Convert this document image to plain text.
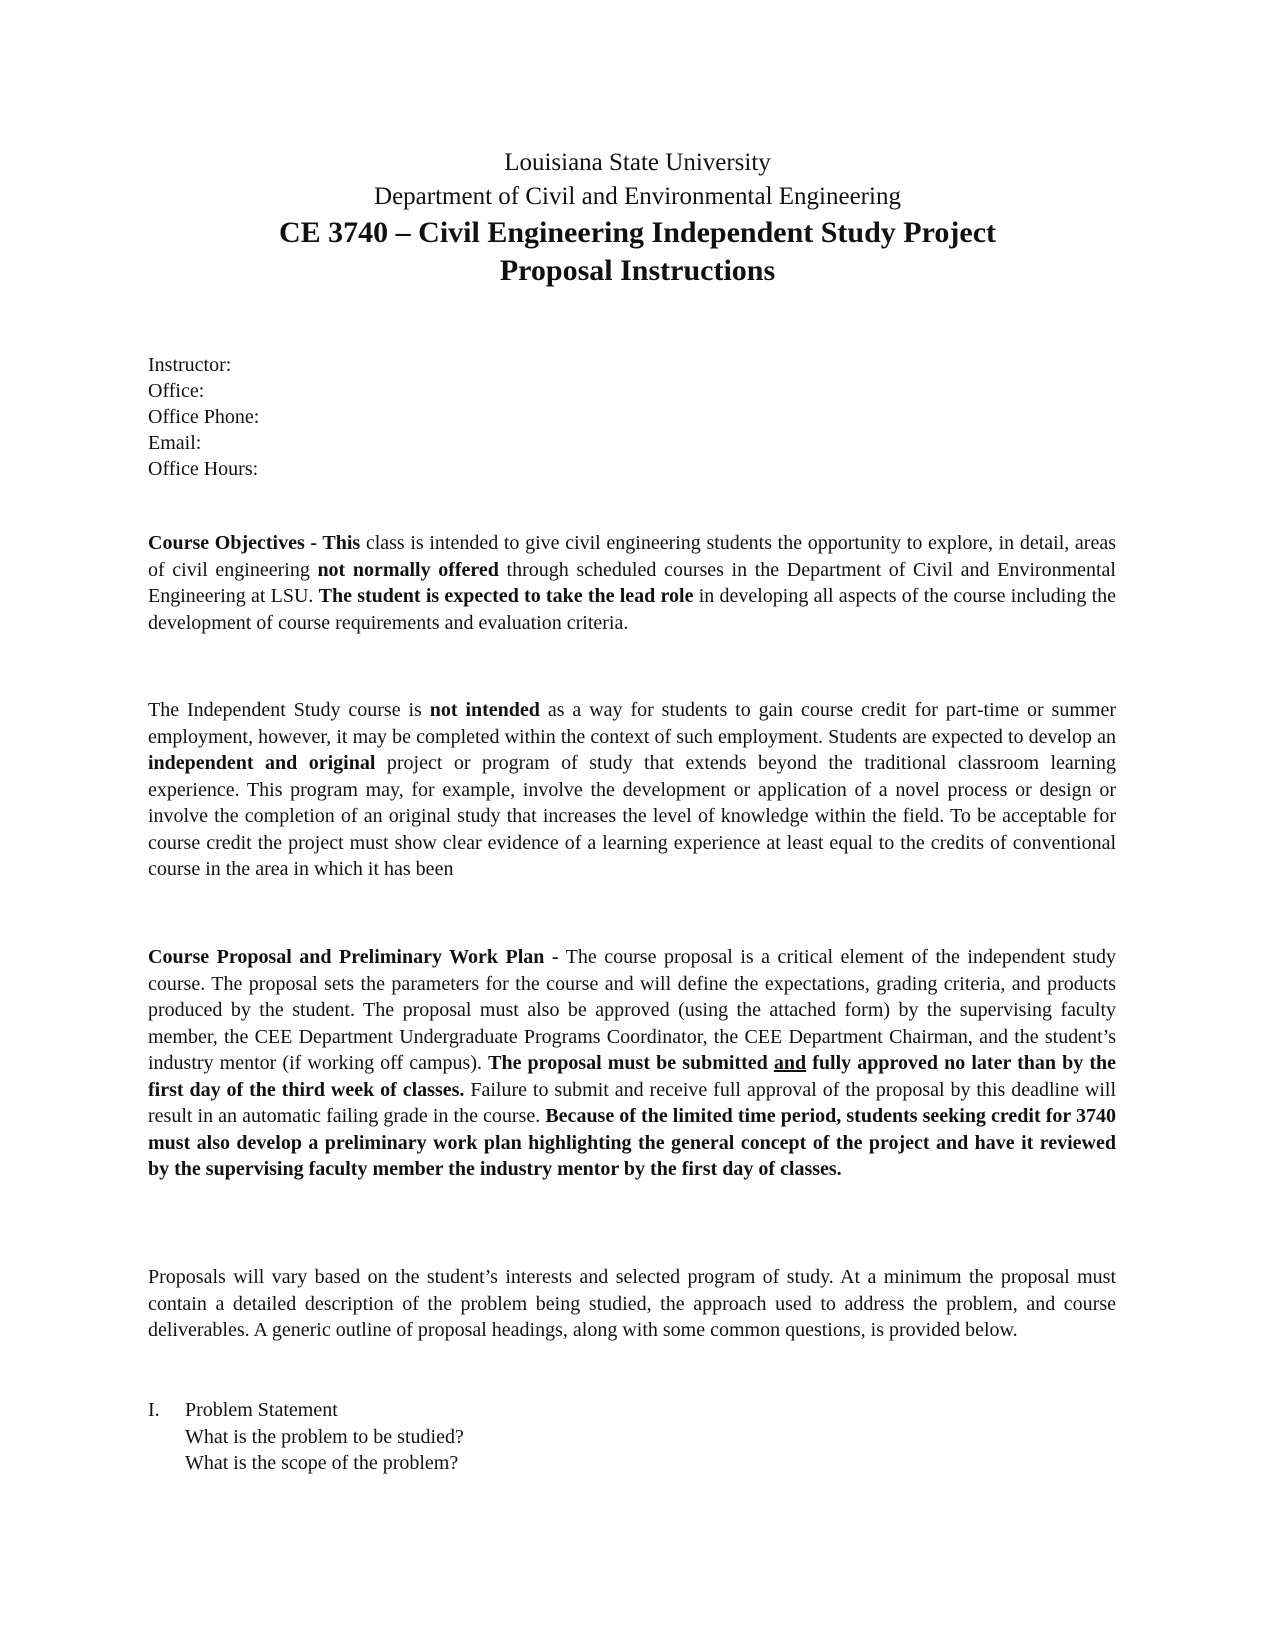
Louisiana State University
Department of Civil and Environmental Engineering
CE 3740 – Civil Engineering Independent Study Project
Proposal Instructions
Instructor:
Office:
Office Phone:
Email:
Office Hours:
Course Objectives - This class is intended to give civil engineering students the opportunity to explore, in detail, areas of civil engineering not normally offered through scheduled courses in the Department of Civil and Environmental Engineering at LSU. The student is expected to take the lead role in developing all aspects of the course including the development of course requirements and evaluation criteria.
The Independent Study course is not intended as a way for students to gain course credit for part-time or summer employment, however, it may be completed within the context of such employment. Students are expected to develop an independent and original project or program of study that extends beyond the traditional classroom learning experience. This program may, for example, involve the development or application of a novel process or design or involve the completion of an original study that increases the level of knowledge within the field. To be acceptable for course credit the project must show clear evidence of a learning experience at least equal to the credits of conventional course in the area in which it has been
Course Proposal and Preliminary Work Plan - The course proposal is a critical element of the independent study course. The proposal sets the parameters for the course and will define the expectations, grading criteria, and products produced by the student. The proposal must also be approved (using the attached form) by the supervising faculty member, the CEE Department Undergraduate Programs Coordinator, the CEE Department Chairman, and the student’s industry mentor (if working off campus). The proposal must be submitted and fully approved no later than by the first day of the third week of classes. Failure to submit and receive full approval of the proposal by this deadline will result in an automatic failing grade in the course. Because of the limited time period, students seeking credit for 3740 must also develop a preliminary work plan highlighting the general concept of the project and have it reviewed by the supervising faculty member the industry mentor by the first day of classes.
Proposals will vary based on the student’s interests and selected program of study. At a minimum the proposal must contain a detailed description of the problem being studied, the approach used to address the problem, and course deliverables. A generic outline of proposal headings, along with some common questions, is provided below.
I. Problem Statement
What is the problem to be studied?
What is the scope of the problem?
